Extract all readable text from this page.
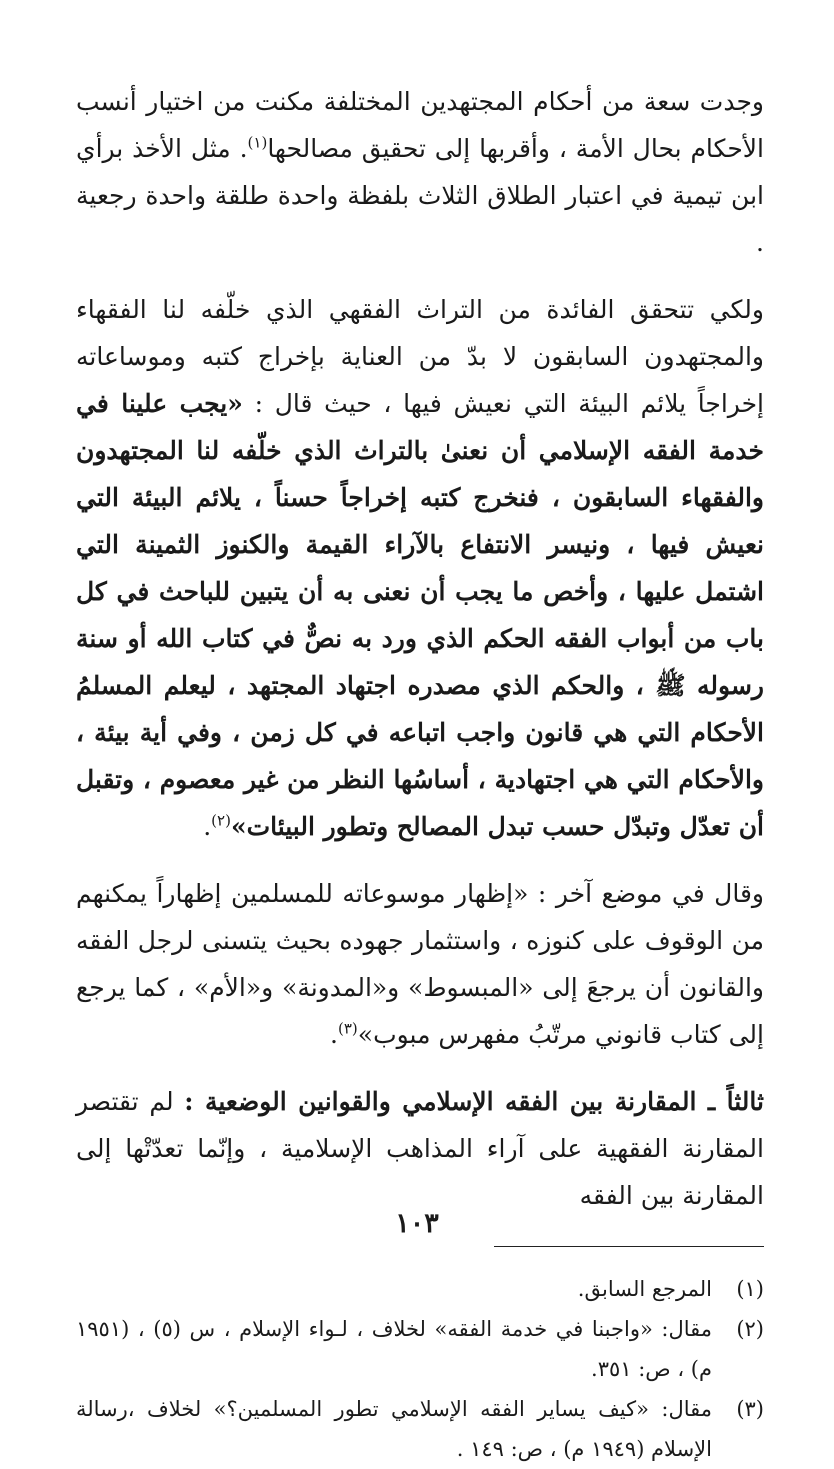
وجدت سعة من أحكام المجتهدين المختلفة مكنت من اختيار أنسب الأحكام بحال الأمة ، وأقربها إلى تحقيق مصالحها$^{(١)}$. مثل الأخذ برأي ابن تيمية في اعتبار الطلاق الثلاث بلفظة واحدة طلقة واحدة رجعية .

ولكي تتحقق الفائدة من التراث الفقهي الذي خلّفه لنا الفقهاء والمجتهدون السابقون لا بدّ من العناية بإخراج كتبه وموساعاته إخراجاً يلائم البيئة التي نعيش فيها ، حيث قال : «يجب علينا في خدمة الفقه الإسلامي أن نعنىٰ بالتراث الذي خلّفه لنا المجتهدون والفقهاء السابقون ، فنخرج كتبه إخراجاً حسناً ، يلائم البيئة التي نعيش فيها ، ونيسر الانتفاع بالآراء القيمة والكنوز الثمينة التي اشتمل عليها ، وأخص ما يجب أن نعنى به أن يتبين للباحث في كل باب من أبواب الفقه الحكم الذي ورد به نصٌّ في كتاب الله أو سنة رسوله ﷺ ، والحكم الذي مصدره اجتهاد المجتهد ، ليعلم المسلمُ الأحكام التي هي قانون واجب اتباعه في كل زمن ، وفي أية بيئة ، والأحكام التي هي اجتهادية ، أساسُها النظر من غير معصوم ، وتقبل أن تعدّل وتبدّل حسب تبدل المصالح وتطور البيئات»$^{(٢)}$.

وقال في موضع آخر : «إظهار موسوعاته للمسلمين إظهاراً يمكنهم من الوقوف على كنوزه ، واستثمار جهوده بحيث يتسنى لرجل الفقه والقانون أن يرجعَ إلى «المبسوط» و«المدونة» و«الأم» ، كما يرجع إلى كتاب قانوني مرتّبُ مفهرس مبوب»$^{(٣)}$.

ثالثاً ـ المقارنة بين الفقه الإسلامي والقوانين الوضعية : لم تقتصر المقارنة الفقهية على آراء المذاهب الإسلامية ، وإنّما تعدّتْها إلى المقارنة بين الفقه

(١)
المرجع السابق.
(٢)
مقال: «واجبنا في خدمة الفقه» لخلاف ، لـواء الإسلام ، س (٥) ، (١٩٥١ م) ، ص: ٣٥١.
(٣)
مقال: «كيف يساير الفقه الإسلامي تطور المسلمين؟» لخلاف ،رسالة الإسلام (١٩٤٩ م) ، ص: ١٤٩ .
١٠٣
